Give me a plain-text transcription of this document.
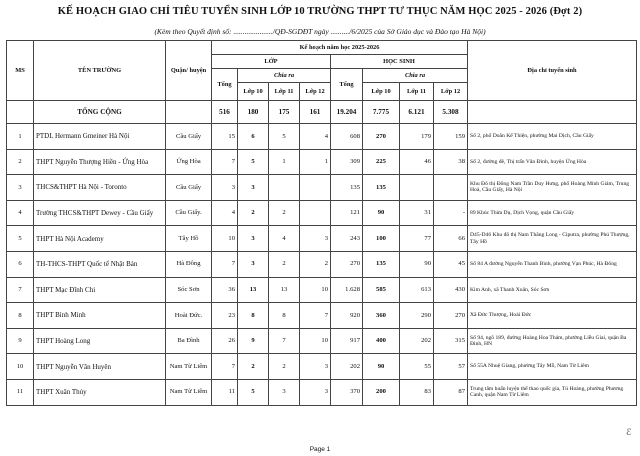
KẾ HOẠCH GIAO CHỈ TIÊU TUYỂN SINH LỚP 10 TRƯỜNG THPT TƯ THỤC NĂM HỌC 2025 - 2026 (Đợt 2)
(Kèm theo Quyết định số: ...................../QĐ-SGDĐT ngày ........../6/2025 của Sở Giáo dục và Đào tạo Hà Nội)
MS	TÊN TRƯỜNG	Quận/ huyện	Kế hoạch năm học 2025-2026								Địa chỉ tuyển sinh
			LỚP				HỌC SINH				
			Tổng	Chia ra			Tổng	Chia ra			
				Lớp 10	Lớp 11	Lớp 12		Lớp 10	Lớp 11	Lớp 12	
	TỔNG CỘNG		516	180	175	161	19.204	7.775	6.121	5.308	
1	PTDL Hermann Gmeiner Hà Nội	Cầu Giấy	15	6	5	4	608	270	179	159	Số 2, phố Doãn Kế Thiện, phường Mai Dịch, Cầu Giấy
2	THPT Nguyễn Thượng Hiền - Ứng Hòa	Ứng Hòa	7	5	1	1	309	225	46	38	Số 2, đường đê, Thị trấn Vân Đình, huyện Ứng Hòa
3	THCS&THPT Hà Nội - Toronto	Cầu Giấy	3	3			135	135			Khu Đô thị Đông Nam Trần Duy Hưng, phố Hoàng Minh Giám, Trung Hoà, Cầu Giấy, Hà Nội
4	Trường THCS&THPT Dewey - Cầu Giấy	Cầu Giấy.	4	2	2		121	90	31	-	89 Khúc Thừa Dụ, Dịch Vọng, quận Cầu Giấy
5	THPT Hà Nội Academy	Tây Hồ	10	3	4	3	243	100	77	66	D45-D46 Khu đô thị Nam Thăng Long - Ciputra, phường Phú Thượng, Tây Hồ
6	TH-THCS-THPT Quốc tế Nhật Bản	Hà Đông	7	3	2	2	270	135	90	45	Số 84 A đường Nguyễn Thanh Bình, phường Vạn Phúc, Hà Đông
7	THPT Mạc Đĩnh Chi	Sóc Sơn	36	13	13	10	1.628	585	613	430	Kim Anh, xã Thanh Xuân, Sóc Sơn
8	THPT Bình Minh	Hoài Đức.	23	8	8	7	920	360	290	270	Xã Đức Thượng, Hoài Đức
9	THPT Hoàng Long	Ba Đình	26	9	7	10	917	400	202	315	Số 94, ngõ 189, đường Hoàng Hoa Thám, phường Liễu Giai, quận Ba Đình, HN
10	THPT Nguyễn Văn Huyên	Nam Từ Liêm	7	2	2	3	202	90	55	57	Số 55A Nhuệ Giang, phường Tây Mỗ, Nam Từ Liêm
11	THPT Xuân Thủy	Nam Từ Liêm	11	5	3	3	370	200	83	87	Trung tâm huấn luyện thể thao quốc gia, Tú Hoàng, phường Phương Canh, quận Nam Từ Liêm
Page 1
ℰ
